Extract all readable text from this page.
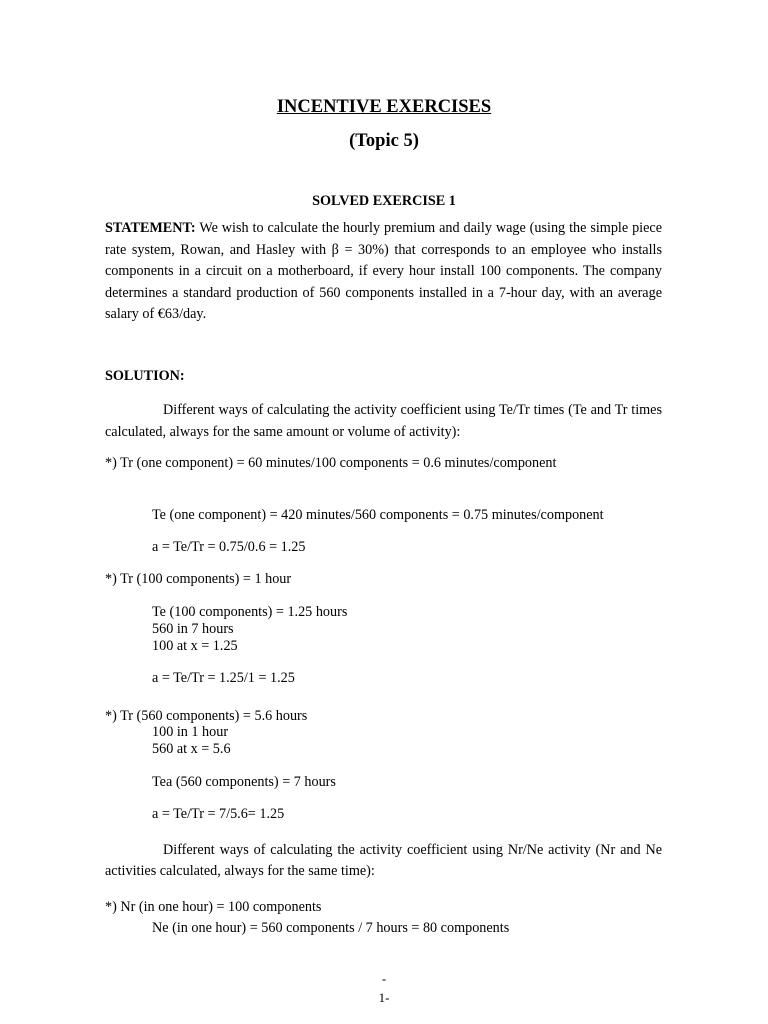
INCENTIVE EXERCISES
(Topic 5)
SOLVED EXERCISE 1
STATEMENT: We wish to calculate the hourly premium and daily wage (using the simple piece rate system, Rowan, and Hasley with β = 30%) that corresponds to an employee who installs components in a circuit on a motherboard, if every hour install 100 components. The company determines a standard production of 560 components installed in a 7-hour day, with an average salary of €63/day.
SOLUTION:
Different ways of calculating the activity coefficient using Te/Tr times (Te and Tr times calculated, always for the same amount or volume of activity):
*) Tr (one component) = 60 minutes/100 components = 0.6 minutes/component
Te (one component) = 420 minutes/560 components = 0.75 minutes/component
a = Te/Tr = 0.75/0.6 = 1.25
*) Tr (100 components) = 1 hour
Te (100 components) = 1.25 hours
560 in 7 hours
100 at x = 1.25
a = Te/Tr = 1.25/1 = 1.25
*) Tr (560 components) = 5.6 hours
100 in 1 hour
560 at x = 5.6
Tea (560 components) = 7 hours
a = Te/Tr = 7/5.6= 1.25
Different ways of calculating the activity coefficient using Nr/Ne activity (Nr and Ne activities calculated, always for the same time):
*) Nr (in one hour) = 100 components
Ne (in one hour) = 560 components / 7 hours = 80 components
-
1-
